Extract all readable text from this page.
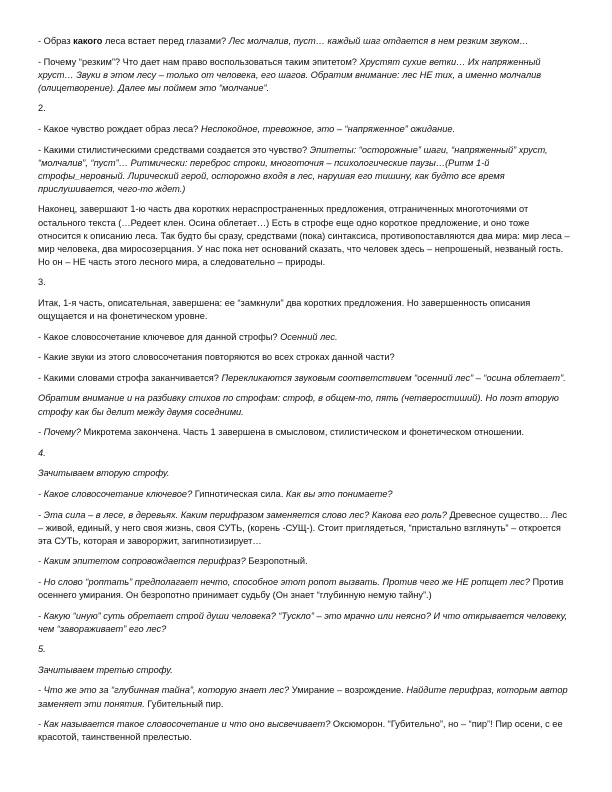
- Образ какого леса встает перед глазами? Лес молчалив, пуст… каждый шаг отдается в нем резким звуком…

- Почему “резким”? Что дает нам право воспользоваться таким эпитетом? Хрустят сухие ветки… Их напряженный хруст… Звуки в этом лесу – только от человека, его шагов. Обратим внимание: лес НЕ тих, а именно молчалив (олицетворение). Далее мы поймем это “молчание”.

2.

- Какое чувство рождает образ леса? Неспокойное, тревожное, это – “напряженное” ожидание.

- Какими стилистическими средствами создается это чувство? Эпитеты: “осторожные” шаги, “напряженный” хруст, “молчалив”, “пуст”… Ритмически: переброс строки, многоточия – психологические паузы…(Ритм 1-й строфы_неровный. Лирический герой, осторожно входя в лес, нарушая его тишину, как будто все время прислушивается, чего-то ждет.)

Наконец, завершают 1-ю часть два коротких нераспространенных предложения, отграниченных многоточиями от остального текста (…Редеет клен. Осина облетает…) Есть в строфе еще одно короткое предложение, и оно тоже относится к описанию леса. Так будто бы сразу, средствами (пока) синтаксиса, противопоставляются два мира: мир леса – мир человека, два миросозерцания. У нас пока нет оснований сказать, что человек здесь – непрошеный, незваный гость. Но он – НЕ часть этого лесного мира, а следовательно – природы.

3.

Итак, 1-я часть, описательная, завершена: ее “замкнули” два коротких предложения. Но завершенность описания ощущается и на фонетическом уровне.

- Какое словосочетание ключевое для данной строфы? Осенний лес.

- Какие звуки из этого словосочетания повторяются во всех строках данной части?

- Какими словами строфа заканчивается? Перекликаются звуковым соответствием “осенний лес” – “осина облетает”.

Обратим внимание и на разбивку стихов по строфам: строф, в общем-то, пять (четверостиший). Но поэт вторую строфу как бы делит между двумя соседними.

- Почему? Микротема закончена. Часть 1 завершена в смысловом, стилистическом и фонетическом отношении.

4.

Зачитываем вторую строфу.

- Какое словосочетание ключевое? Гипнотическая сила. Как вы это понимаете?

- Эта сила – в лесе, в деревьях. Каким перифразом заменяется слово лес? Какова его роль? Древесное существо… Лес – живой, единый, у него своя жизнь, своя СУТЬ, (корень -СУЩ-). Стоит приглядеться, “пристально взглянуть” – откроется эта СУТЬ, которая и завороржит, загипнотизирует…

- Каким эпитетом сопровождается перифраз? Безропотный.

- Но слово “роптать” предполагает нечто, способное этот ропот вызвать. Против чего же НЕ ропщет лес? Против осеннего умирания. Он безропотно принимает судьбу (Он знает “глубинную немую тайну”.)

- Какую “иную” суть обретает строй души человека? “Тускло” – это мрачно или неясно? И что открывается человеку, чем “завораживает” его лес?

5.

Зачитываем третью строфу.

- Что же это за “глубинная тайна”, которую знает лес? Умирание – возрождение. Найдите перифраз, которым автор заменяет эти понятия. Губительный пир.

- Как называется такое словосочетание и что оно высвечивает? Оксюморон. “Губительно”, но – “пир”! Пир осени, с ее красотой, таинственной прелестью.
